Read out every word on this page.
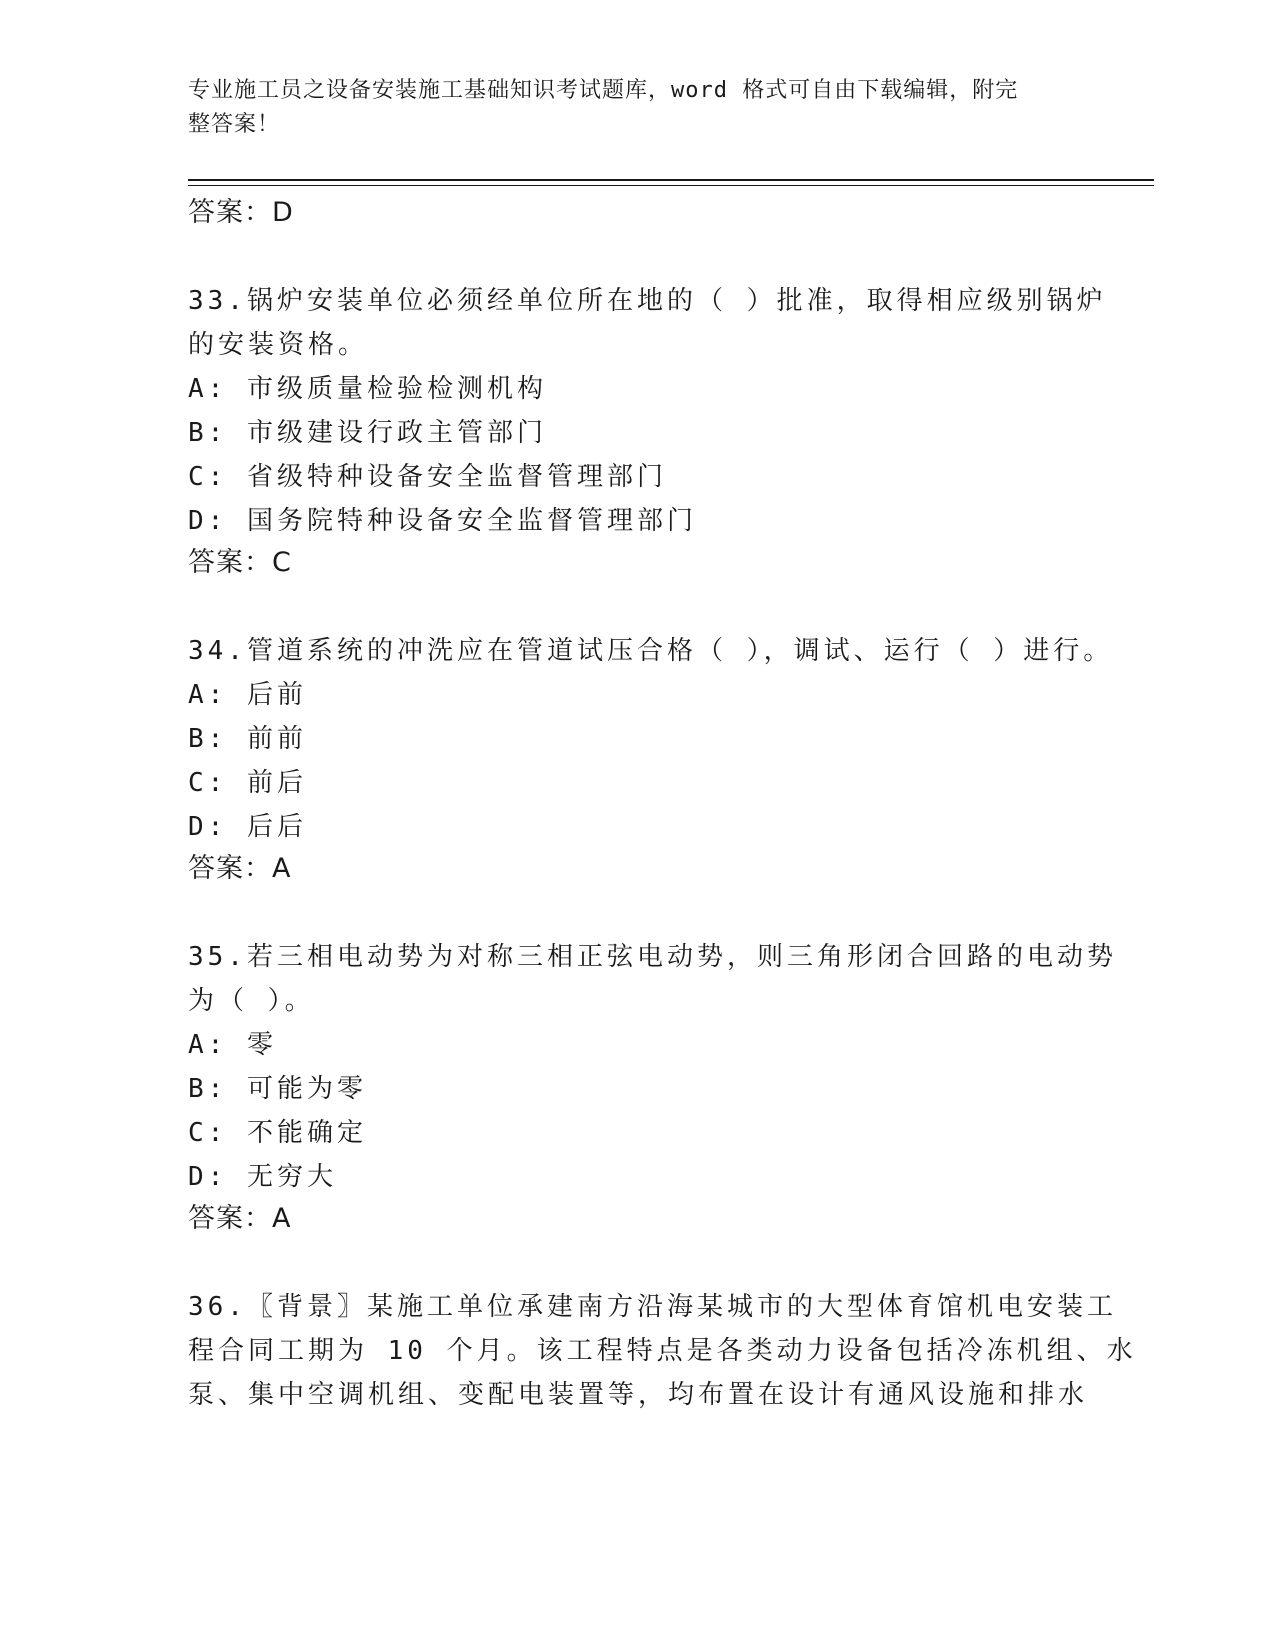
专业施工员之设备安装施工基础知识考试题库，word 格式可自由下载编辑，附完
整答案！
答案：D
33.锅炉安装单位必须经单位所在地的（ ）批准，取得相应级别锅炉
的安装资格。
A: 市级质量检验检测机构
B: 市级建设行政主管部门
C: 省级特种设备安全监督管理部门
D: 国务院特种设备安全监督管理部门
答案：C
34.管道系统的冲洗应在管道试压合格（ ），调试、运行（ ）进行。
A: 后前
B: 前前
C: 前后
D: 后后
答案：A
35.若三相电动势为对称三相正弦电动势，则三角形闭合回路的电动势
为（ ）。
A: 零
B: 可能为零
C: 不能确定
D: 无穷大
答案：A
36.〖背景〗某施工单位承建南方沿海某城市的大型体育馆机电安装工
程合同工期为 10 个月。该工程特点是各类动力设备包括冷冻机组、水
泵、集中空调机组、变配电装置等，均布置在设计有通风设施和排水
